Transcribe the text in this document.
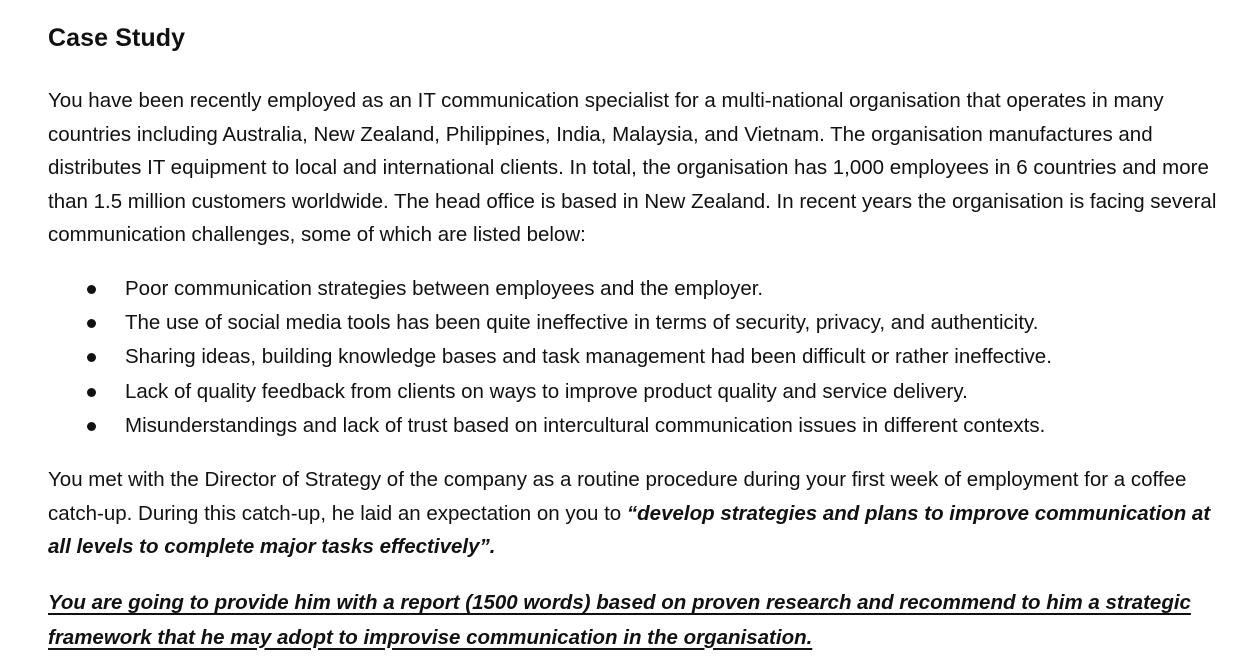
Case Study

You have been recently employed as an IT communication specialist for a multi-national organisation that operates in many countries including Australia, New Zealand, Philippines, India, Malaysia, and Vietnam. The organisation manufactures and distributes IT equipment to local and international clients. In total, the organisation has 1,000 employees in 6 countries and more than 1.5 million customers worldwide. The head office is based in New Zealand. In recent years the organisation is facing several communication challenges, some of which are listed below:

Poor communication strategies between employees and the employer.
The use of social media tools has been quite ineffective in terms of security, privacy, and authenticity.
Sharing ideas, building knowledge bases and task management had been difficult or rather ineffective.
Lack of quality feedback from clients on ways to improve product quality and service delivery.
Misunderstandings and lack of trust based on intercultural communication issues in different contexts.

You met with the Director of Strategy of the company as a routine procedure during your first week of employment for a coffee catch-up. During this catch-up, he laid an expectation on you to “develop strategies and plans to improve communication at all levels to complete major tasks effectively”.

You are going to provide him with a report (1500 words) based on proven research and recommend to him a strategic framework that he may adopt to improvise communication in the organisation.
